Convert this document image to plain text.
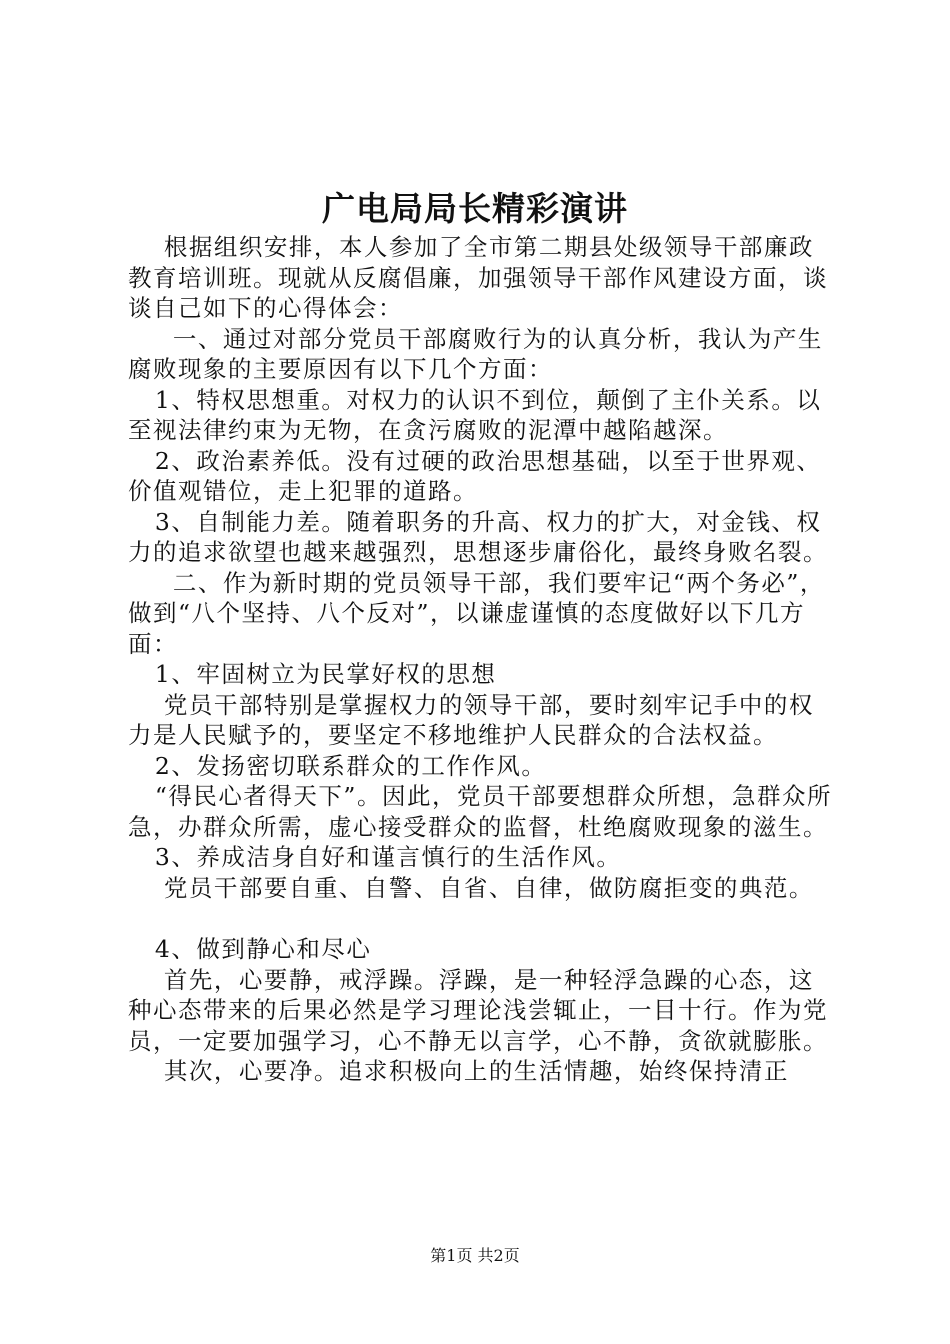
广电局局长精彩演讲

根据组织安排，本人参加了全市第二期县处级领导干部廉政教育培训班。现就从反腐倡廉，加强领导干部作风建设方面，谈谈自己如下的心得体会：

一、通过对部分党员干部腐败行为的认真分析，我认为产生腐败现象的主要原因有以下几个方面：

1、特权思想重。对权力的认识不到位，颠倒了主仆关系。以至视法律约束为无物，在贪污腐败的泥潭中越陷越深。

2、政治素养低。没有过硬的政治思想基础，以至于世界观、价值观错位，走上犯罪的道路。

3、自制能力差。随着职务的升高、权力的扩大，对金钱、权力的追求欲望也越来越强烈，思想逐步庸俗化，最终身败名裂。

二、作为新时期的党员领导干部，我们要牢记“两个务必”，做到“八个坚持、八个反对”，以谦虚谨慎的态度做好以下几方面：

1、牢固树立为民掌好权的思想

党员干部特别是掌握权力的领导干部，要时刻牢记手中的权力是人民赋予的，要坚定不移地维护人民群众的合法权益。

2、发扬密切联系群众的工作作风。

“得民心者得天下”。因此，党员干部要想群众所想，急群众所急，办群众所需，虚心接受群众的监督，杜绝腐败现象的滋生。

3、养成洁身自好和谨言慎行的生活作风。

党员干部要自重、自警、自省、自律，做防腐拒变的典范。

4、做到静心和尽心

首先，心要静，戒浮躁。浮躁，是一种轻浮急躁的心态，这种心态带来的后果必然是学习理论浅尝辄止，一目十行。作为党员，一定要加强学习，心不静无以言学，心不静，贪欲就膨胀。

其次，心要净。追求积极向上的生活情趣，始终保持清正

第1页 共2页
